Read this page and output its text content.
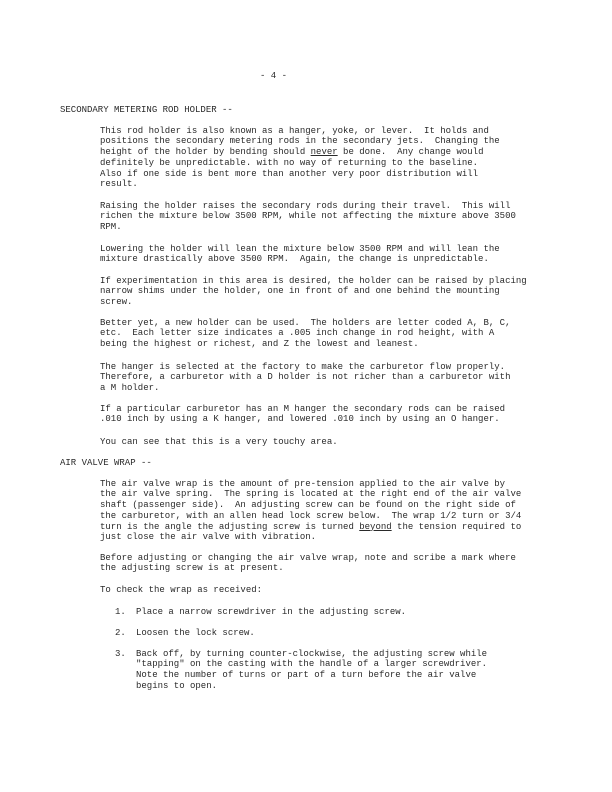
- 4 -
SECONDARY METERING ROD HOLDER --
AIR VALVE WRAP --
This rod holder is also known as a hanger, yoke, or lever.  It holds and
positions the secondary metering rods in the secondary jets.  Changing the
height of the holder by bending should never be done.  Any change would
definitely be unpredictable. with no way of returning to the baseline.
Also if one side is bent more than another very poor distribution will
result.
Raising the holder raises the secondary rods during their travel.  This will
richen the mixture below 3500 RPM, while not affecting the mixture above 3500
RPM.
Lowering the holder will lean the mixture below 3500 RPM and will lean the
mixture drastically above 3500 RPM.  Again, the change is unpredictable.
If experimentation in this area is desired, the holder can be raised by placing
narrow shims under the holder, one in front of and one behind the mounting
screw.
Better yet, a new holder can be used.  The holders are letter coded A, B, C,
etc.  Each letter size indicates a .005 inch change in rod height, with A
being the highest or richest, and Z the lowest and leanest.
The hanger is selected at the factory to make the carburetor flow properly.
Therefore, a carburetor with a D holder is not richer than a carburetor with
a M holder.
If a particular carburetor has an M hanger the secondary rods can be raised
.010 inch by using a K hanger, and lowered .010 inch by using an O hanger.
You can see that this is a very touchy area.
The air valve wrap is the amount of pre-tension applied to the air valve by
the air valve spring.  The spring is located at the right end of the air valve
shaft (passenger side).  An adjusting screw can be found on the right side of
the carburetor, with an allen head lock screw below.  The wrap 1/2 turn or 3/4
turn is the angle the adjusting screw is turned beyond the tension required to
just close the air valve with vibration.
Before adjusting or changing the air valve wrap, note and scribe a mark where
the adjusting screw is at present.
To check the wrap as received:
1. Place a narrow screwdriver in the adjusting screw.
2. Loosen the lock screw.
3. Back off, by turning counter-clockwise, the adjusting screw while
"tapping" on the casting with the handle of a larger screwdriver.
Note the number of turns or part of a turn before the air valve
begins to open.
